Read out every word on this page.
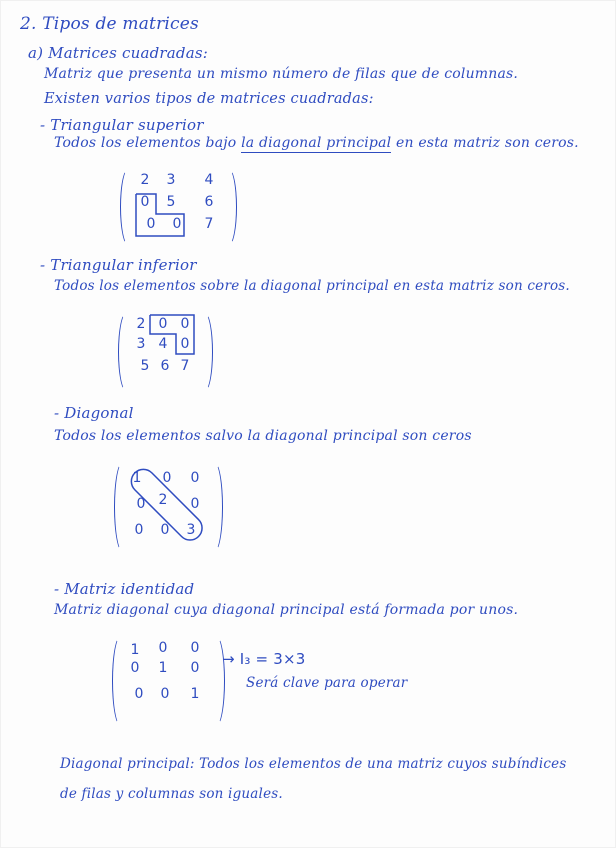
2. Tipos de matrices
a) Matrices cuadradas:
Matriz que presenta un mismo número de filas que de columnas.
Existen varios tipos de matrices cuadradas:
- Triangular superior
Todos los elementos bajo la diagonal principal en esta matriz son ceros.
2 3 4
0 5 6
0 0 7
- Triangular inferior
Todos los elementos sobre la diagonal principal en esta matriz son ceros.
2 0 0
3 4 0
5 6 7
- Diagonal
Todos los elementos salvo la diagonal principal son ceros
1 0 0
0 2 0
0 0 3
- Matriz identidad
Matriz diagonal cuya diagonal principal está formada por unos.
1 0 0
0 1 0
0 0 1
→ I₃ = 3×3
Será clave para operar
Diagonal principal: Todos los elementos de una matriz cuyos subíndices
de filas y columnas son iguales.
